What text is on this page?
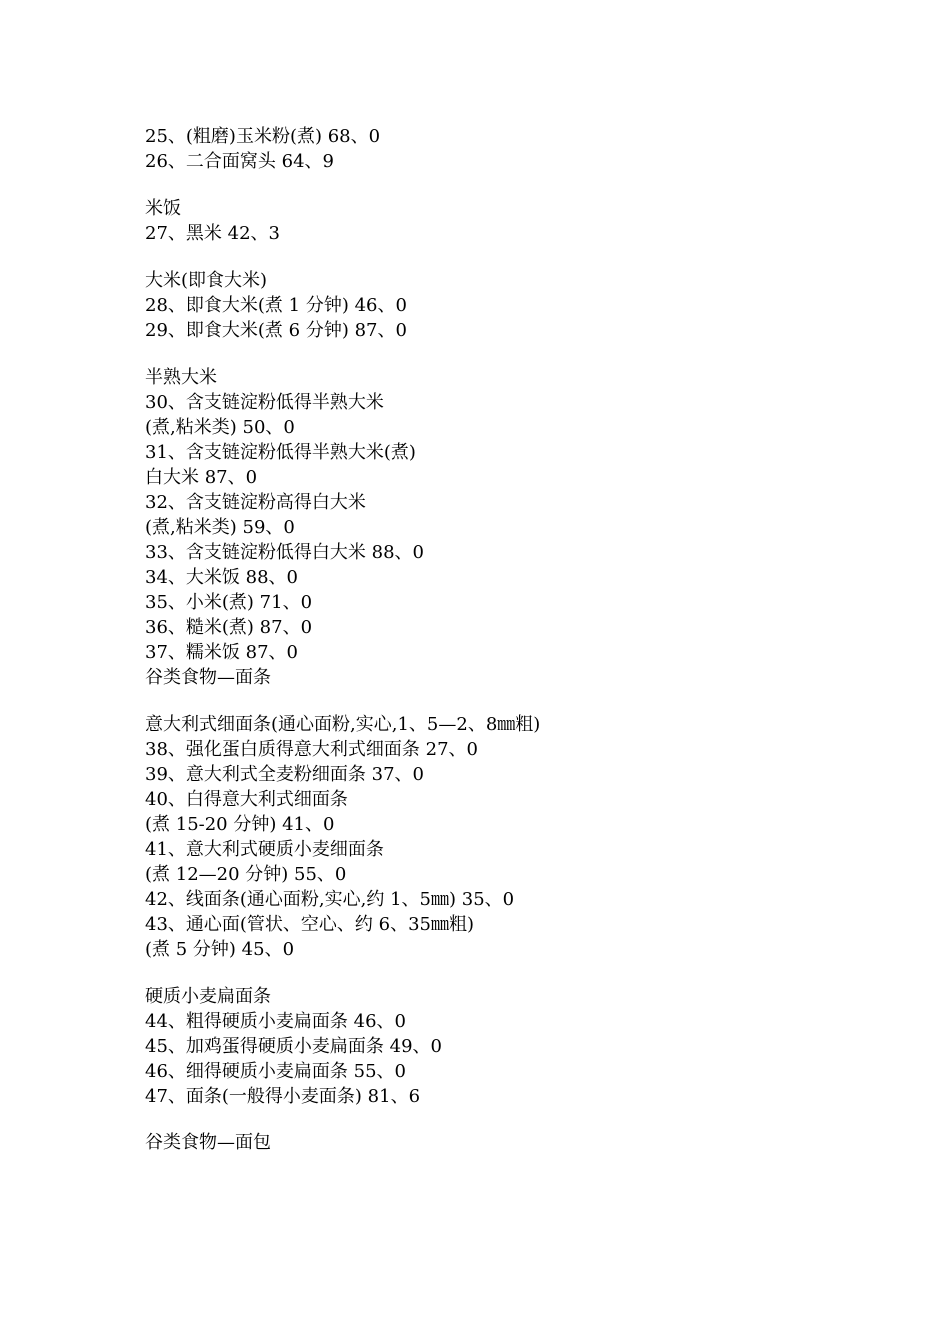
25、(粗磨)玉米粉(煮) 68、0
26、二合面窝头 64、9
米饭
27、黑米 42、3
大米(即食大米)
28、即食大米(煮 1 分钟) 46、0
29、即食大米(煮 6 分钟) 87、0
半熟大米
30、含支链淀粉低得半熟大米
(煮,粘米类) 50、0
31、含支链淀粉低得半熟大米(煮)
白大米 87、0
32、含支链淀粉高得白大米
(煮,粘米类) 59、0
33、含支链淀粉低得白大米 88、0
34、大米饭 88、0
35、小米(煮) 71、0
36、糙米(煮) 87、0
37、糯米饭 87、0
谷类食物—面条
意大利式细面条(通心面粉,实心,1、5—2、8㎜粗)
38、强化蛋白质得意大利式细面条 27、0
39、意大利式全麦粉细面条 37、0
40、白得意大利式细面条
(煮 15-20 分钟) 41、0
41、意大利式硬质小麦细面条
(煮 12—20 分钟) 55、0
42、线面条(通心面粉,实心,约 1、5㎜) 35、0
43、通心面(管状、空心、约 6、35㎜粗)
(煮 5 分钟) 45、0
硬质小麦扁面条
44、粗得硬质小麦扁面条 46、0
45、加鸡蛋得硬质小麦扁面条 49、0
46、细得硬质小麦扁面条 55、0
47、面条(一般得小麦面条) 81、6
谷类食物—面包
